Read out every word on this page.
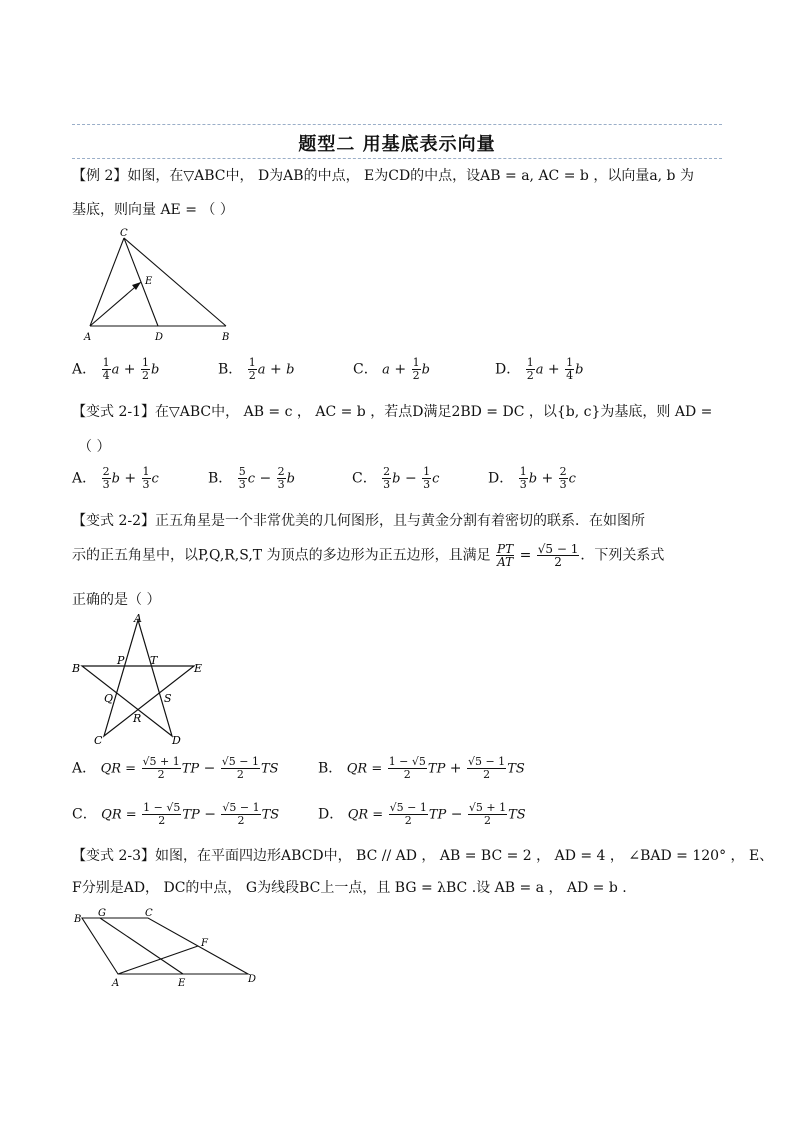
题型二 用基底表示向量
【例 2】如图，在▽ABC中， D为AB的中点， E为CD的中点，设AB = a, AC = b ，以向量a, b 为
基底，则向量 AE = （ ）
C
E
A	D	B
A． $\frac{1}{4}$ $a + \frac{1}{2}$ b	B． $\frac{1}{2}$ a + b	C． $a + \frac{1}{2}$ b	D． $\frac{1}{2}$ $a + \frac{1}{4}$ b
【变式 2-1】在▽ABC中， AB = c ， AC = b ，若点D满足2BD = DC ，以{b, c}为基底，则 AD =
（ ）
A． $\frac{2}{3}$ $b + \frac{1}{3}$ c	B． $\frac{5}{3}$ $c - \frac{2}{3}$ b	C． $\frac{2}{3}$ $b - \frac{1}{3}$ c	D． $\frac{1}{3}$ $b + \frac{2}{3}$ c
【变式 2-2】正五角星是一个非常优美的几何图形，且与黄金分割有着密切的联系．在如图所
示的正五角星中，以P,Q,R,S,T 为顶点的多边形为正五边形，且满足 $\frac{PT}{AT} = \frac{√5 - 1}{2}$ ．下列关系式
正确的是（ ）
A
B	E
P T
Q	S
R
C	D
A． QR = $\frac{√5 + 1}{2}$ TP − $\frac{√5 - 1}{2}$ TS	B． QR = $\frac{1 - √5}{2}$ TP + $\frac{√5 - 1}{2}$ TS
C． QR = $\frac{1 - √5}{2}$ TP − $\frac{√5 - 1}{2}$ TS	D． QR = $\frac{√5 - 1}{2}$ TP − $\frac{√5 + 1}{2}$ TS
【变式 2-3】如图，在平面四边形ABCD中， BC // AD ， AB = BC = 2 ， AD = 4 ， ∠BAD = 120° ， E、
F分别是AD， DC的中点， G为线段BC上一点，且 BG = λBC .设 AB = a ， AD = b .
B
G	C
F
A	E	D
